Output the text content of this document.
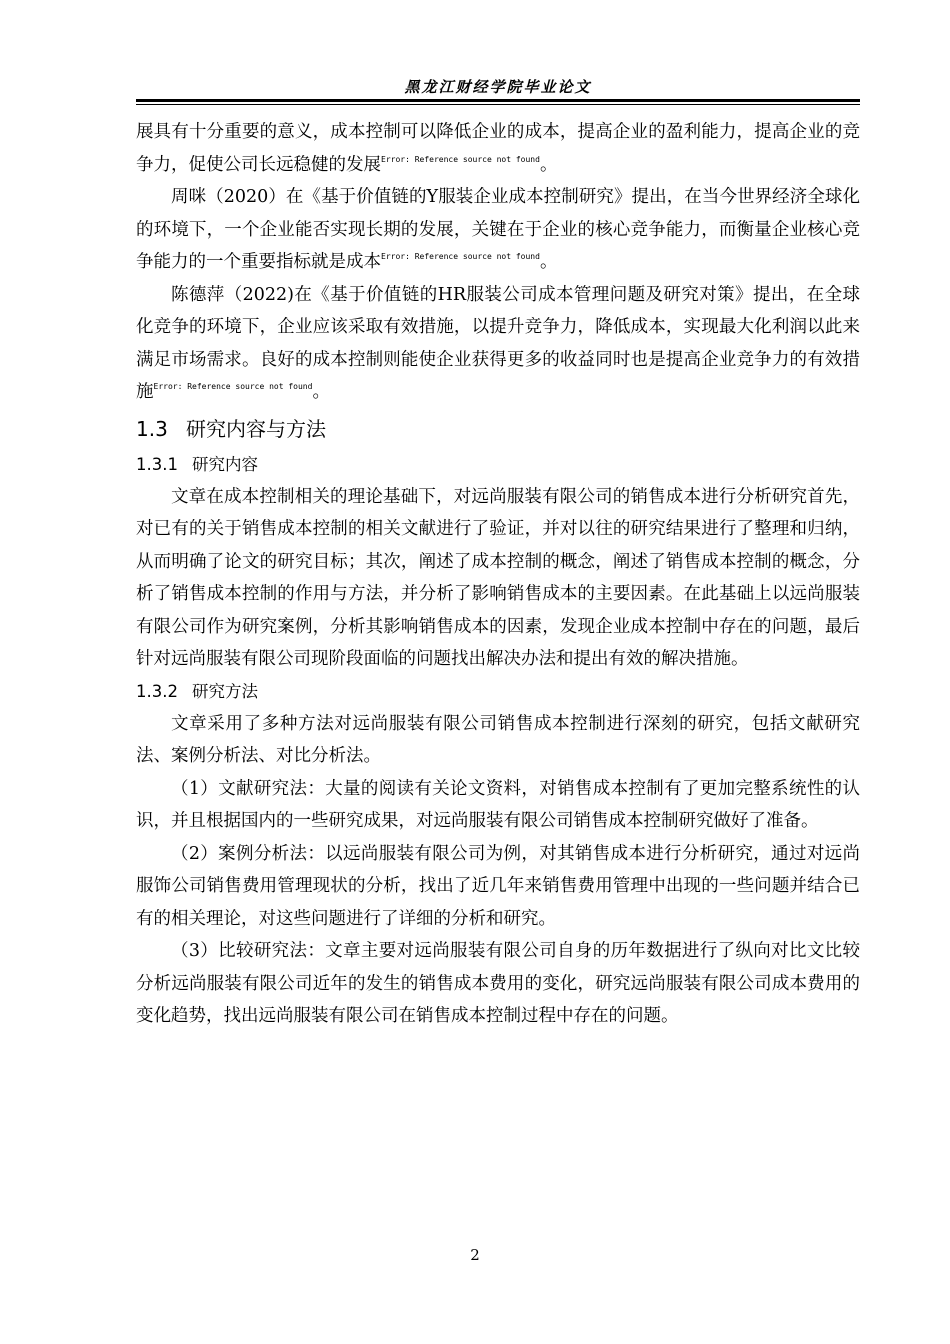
黑龙江财经学院毕业论文

展具有十分重要的意义，成本控制可以降低企业的成本，提高企业的盈利能力，提高企业的竞争力，促使公司长远稳健的发展$^{Error: Reference source not found}$。

周咪（2020）在《基于价值链的Y服装企业成本控制研究》提出，在当今世界经济全球化的环境下，一个企业能否实现长期的发展，关键在于企业的核心竞争能力，而衡量企业核心竞争能力的一个重要指标就是成本$^{Error: Reference source not found}$。

陈德萍（2022)在《基于价值链的HR服装公司成本管理问题及研究对策》提出，在全球化竞争的环境下，企业应该采取有效措施，以提升竞争力，降低成本，实现最大化利润以此来满足市场需求。良好的成本控制则能使企业获得更多的收益同时也是提高企业竞争力的有效措施$^{Error: Reference source not found}$。

1.3 研究内容与方法
1.3.1 研究内容

文章在成本控制相关的理论基础下，对远尚服装有限公司的销售成本进行分析研究首先，对已有的关于销售成本控制的相关文献进行了验证，并对以往的研究结果进行了整理和归纳，从而明确了论文的研究目标；其次，阐述了成本控制的概念，阐述了销售成本控制的概念，分析了销售成本控制的作用与方法，并分析了影响销售成本的主要因素。在此基础上以远尚服装有限公司作为研究案例，分析其影响销售成本的因素，发现企业成本控制中存在的问题，最后针对远尚服装有限公司现阶段面临的问题找出解决办法和提出有效的解决措施。

1.3.2 研究方法

文章采用了多种方法对远尚服装有限公司销售成本控制进行深刻的研究，包括文献研究法、案例分析法、对比分析法。

（1）文献研究法：大量的阅读有关论文资料，对销售成本控制有了更加完整系统性的认识，并且根据国内的一些研究成果，对远尚服装有限公司销售成本控制研究做好了准备。

（2）案例分析法：以远尚服装有限公司为例，对其销售成本进行分析研究，通过对远尚服饰公司销售费用管理现状的分析，找出了近几年来销售费用管理中出现的一些问题并结合已有的相关理论，对这些问题进行了详细的分析和研究。

（3）比较研究法：文章主要对远尚服装有限公司自身的历年数据进行了纵向对比文比较分析远尚服装有限公司近年的发生的销售成本费用的变化，研究远尚服装有限公司成本费用的变化趋势，找出远尚服装有限公司在销售成本控制过程中存在的问题。

2
